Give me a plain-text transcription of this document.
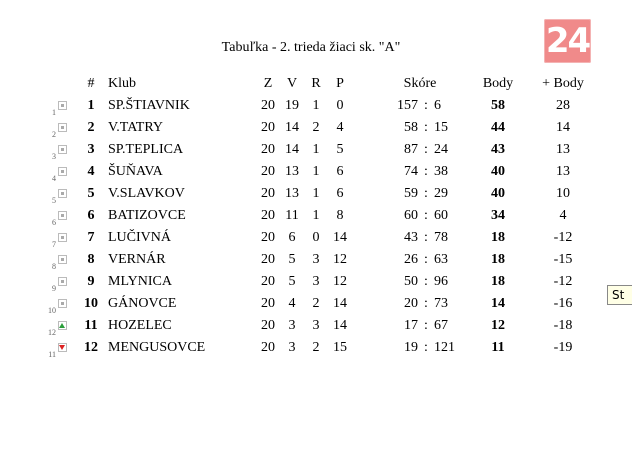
24
Tabuľka - 2. trieda žiaci sk. "A"
St
		#	Klub	Z	V	R	P		Skóre			Body	+ Body
1		1	SP.ŠTIAVNIK	20	19	1	0		157	:	6	58	28
2		2	V.TATRY	20	14	2	4		58	:	15	44	14
3		3	SP.TEPLICA	20	14	1	5		87	:	24	43	13
4		4	ŠUŇAVA	20	13	1	6		74	:	38	40	13
5		5	V.SLAVKOV	20	13	1	6		59	:	29	40	10
6		6	BATIZOVCE	20	11	1	8		60	:	60	34	4
7		7	LUČIVNÁ	20	6	0	14		43	:	78	18	-12
8		8	VERNÁR	20	5	3	12		26	:	63	18	-15
9		9	MLYNICA	20	5	3	12		50	:	96	18	-12
10		10	GÁNOVCE	20	4	2	14		20	:	73	14	-16
12		11	HOZELEC	20	3	3	14		17	:	67	12	-18
11		12	MENGUSOVCE	20	3	2	15		19	:	121	11	-19
